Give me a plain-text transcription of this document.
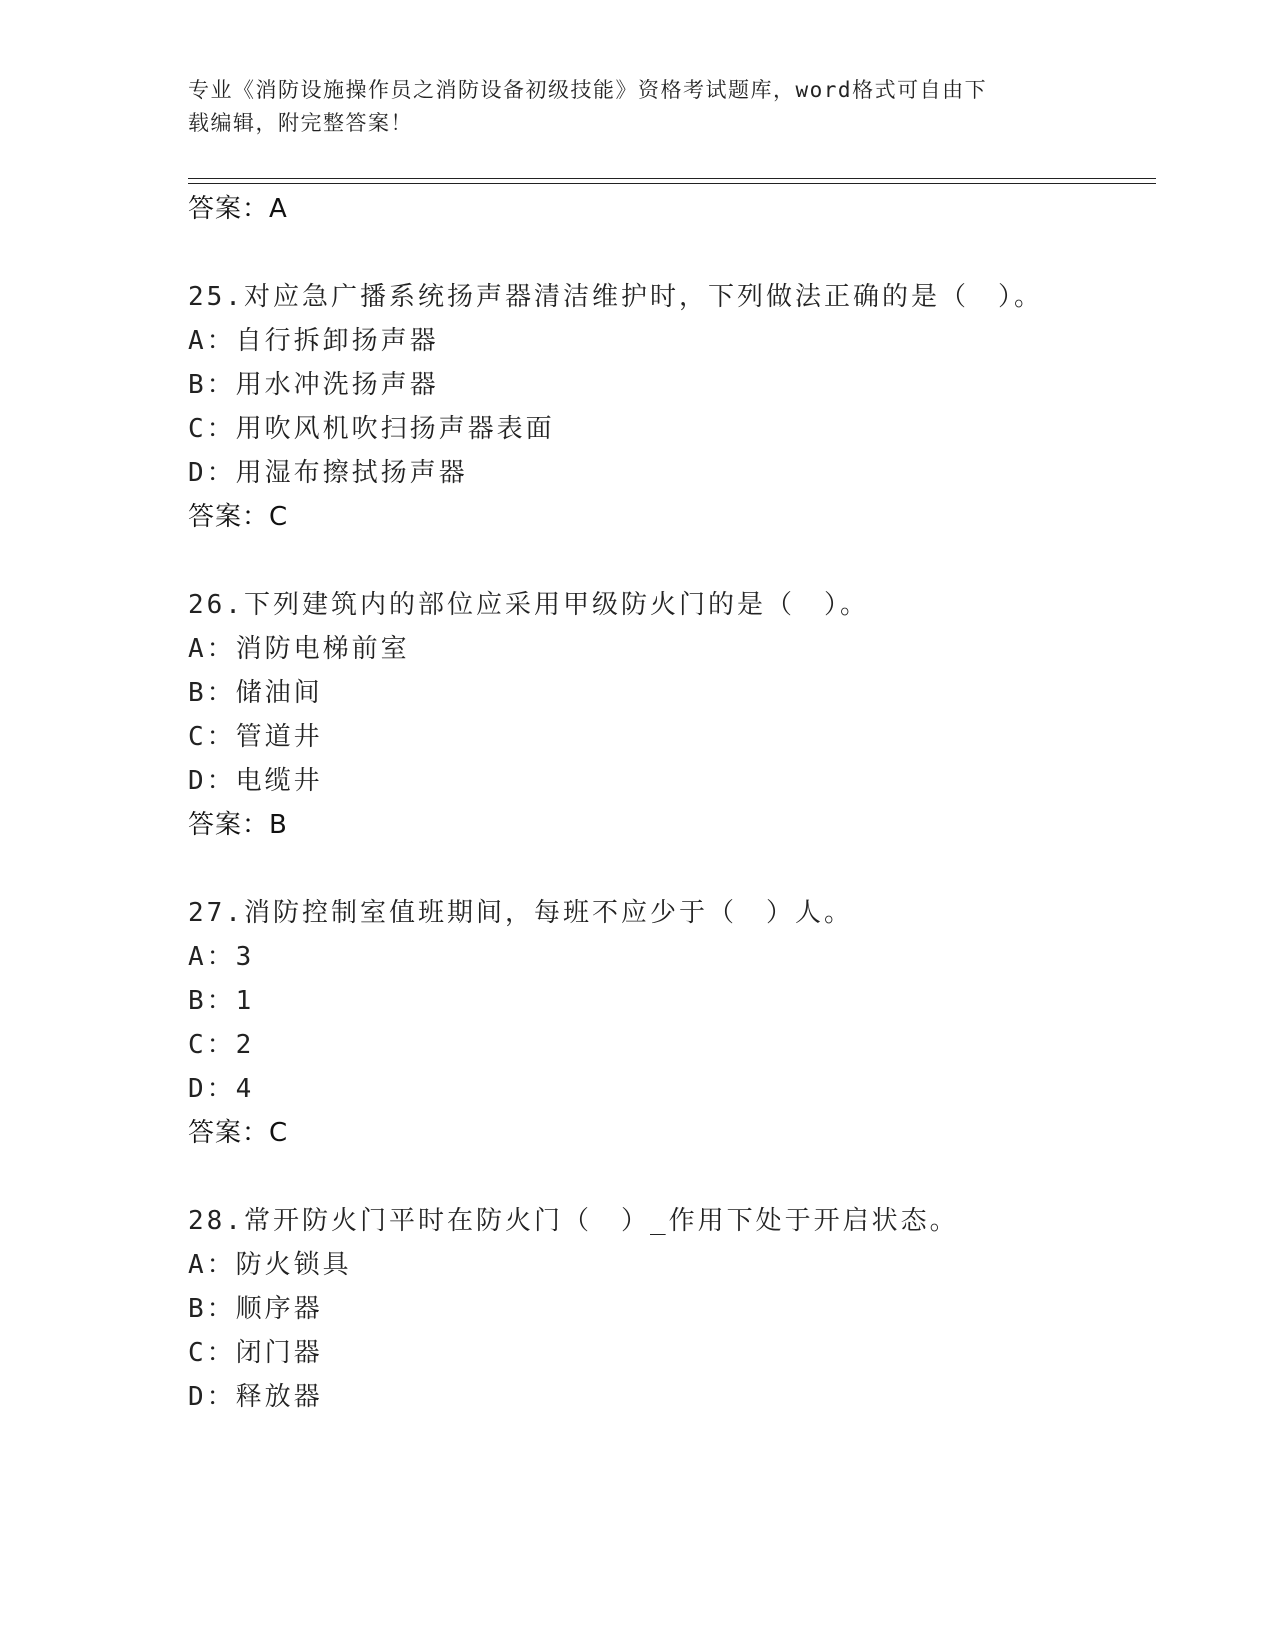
专业《消防设施操作员之消防设备初级技能》资格考试题库，word格式可自由下
载编辑，附完整答案！
答案：A
25.对应急广播系统扬声器清洁维护时，下列做法正确的是（　）。
A：自行拆卸扬声器
B：用水冲洗扬声器
C：用吹风机吹扫扬声器表面
D：用湿布擦拭扬声器
答案：C
26.下列建筑内的部位应采用甲级防火门的是（　）。
A：消防电梯前室
B：储油间
C：管道井
D：电缆井
答案：B
27.消防控制室值班期间，每班不应少于（　）人。
A：3
B：1
C：2
D：4
答案：C
28.常开防火门平时在防火门（　）_作用下处于开启状态。
A：防火锁具
B：顺序器
C：闭门器
D：释放器
